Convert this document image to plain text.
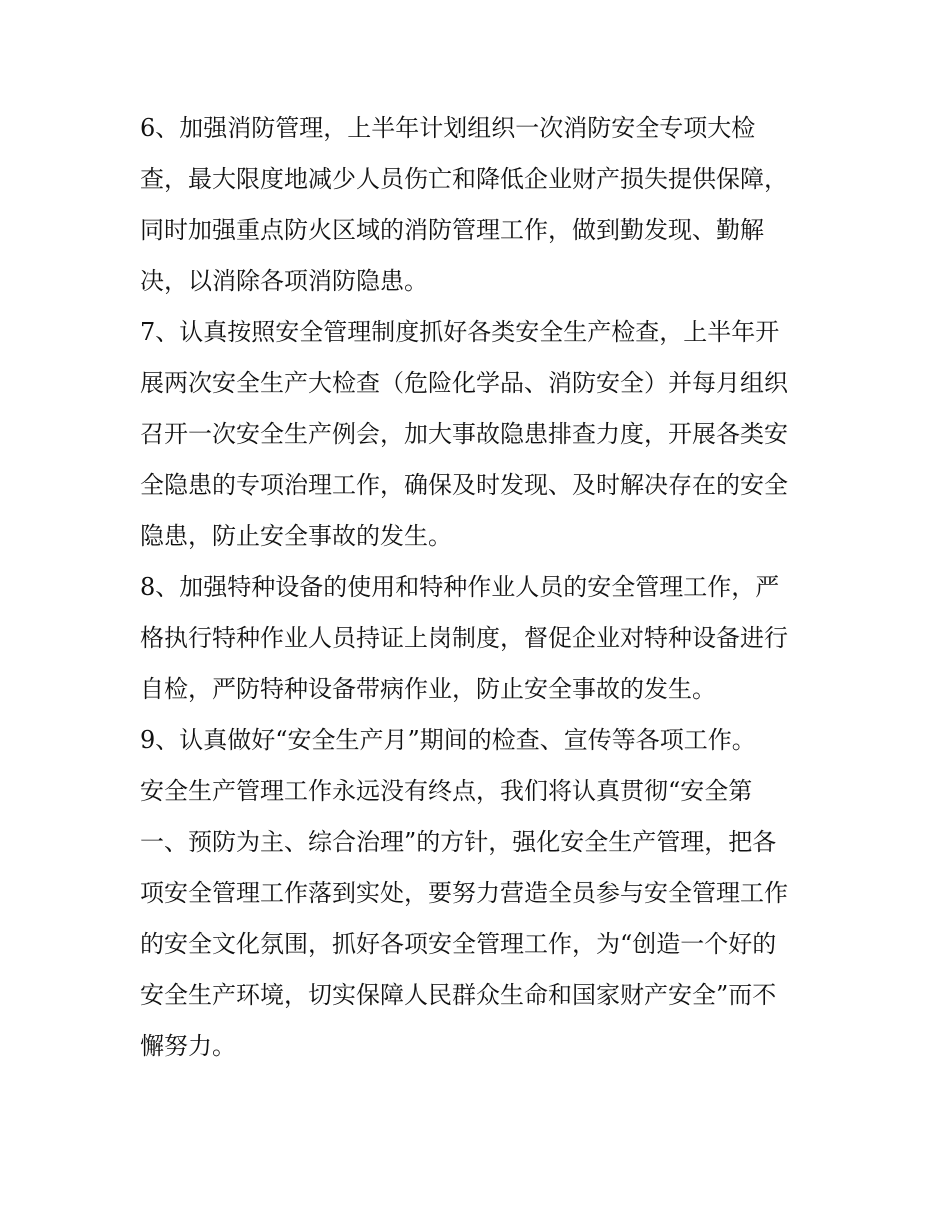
6、加强消防管理，上半年计划组织一次消防安全专项大检
查，最大限度地减少人员伤亡和降低企业财产损失提供保障，
同时加强重点防火区域的消防管理工作，做到勤发现、勤解
决，以消除各项消防隐患。
7、认真按照安全管理制度抓好各类安全生产检查，上半年开
展两次安全生产大检查（危险化学品、消防安全）并每月组织
召开一次安全生产例会，加大事故隐患排查力度，开展各类安
全隐患的专项治理工作，确保及时发现、及时解决存在的安全
隐患，防止安全事故的发生。
8、加强特种设备的使用和特种作业人员的安全管理工作，严
格执行特种作业人员持证上岗制度，督促企业对特种设备进行
自检，严防特种设备带病作业，防止安全事故的发生。
9、认真做好“安全生产月”期间的检查、宣传等各项工作。
安全生产管理工作永远没有终点，我们将认真贯彻“安全第
一、预防为主、综合治理”的方针，强化安全生产管理，把各
项安全管理工作落到实处，要努力营造全员参与安全管理工作
的安全文化氛围，抓好各项安全管理工作，为“创造一个好的
安全生产环境，切实保障人民群众生命和国家财产安全”而不
懈努力。
